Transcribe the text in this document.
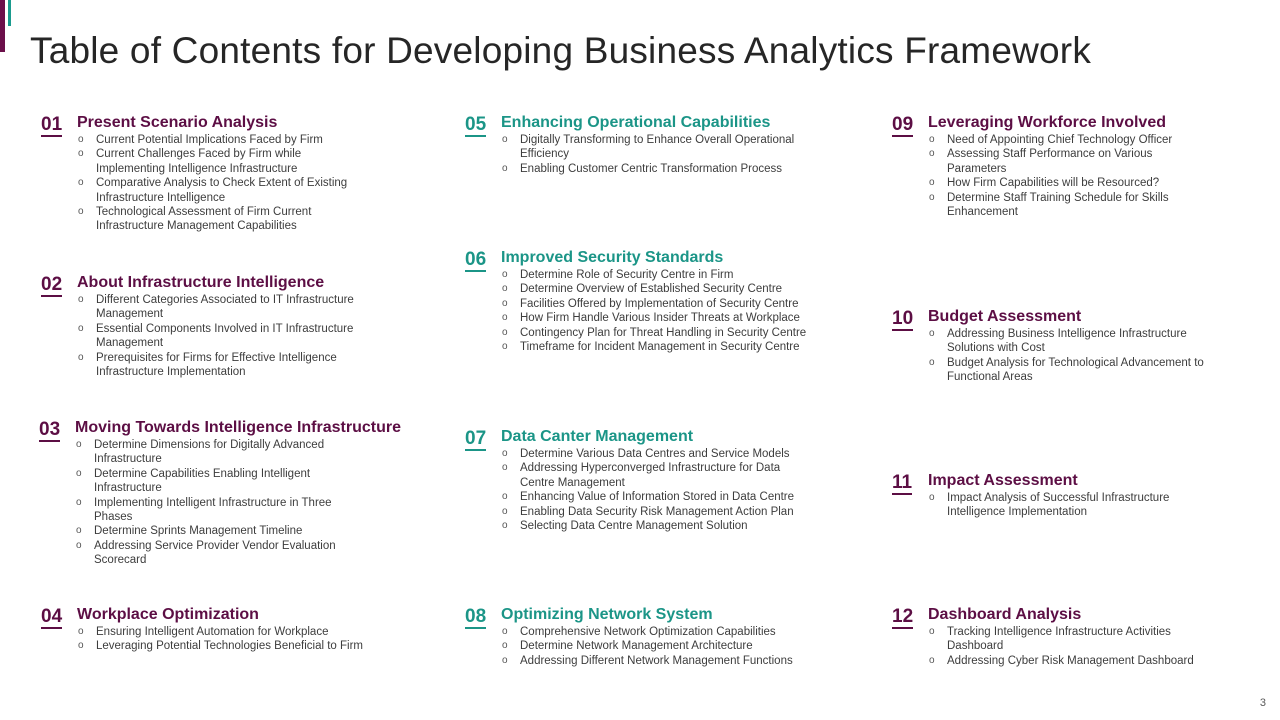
Table of Contents for Developing Business Analytics Framework
01 Present Scenario Analysis
o Current Potential Implications Faced by Firm
o Current Challenges Faced by Firm while Implementing Intelligence Infrastructure
o Comparative Analysis to Check Extent of Existing Infrastructure Intelligence
o Technological Assessment of Firm Current Infrastructure Management Capabilities
02 About Infrastructure Intelligence
o Different Categories Associated to IT Infrastructure Management
o Essential Components Involved in IT Infrastructure Management
o Prerequisites for Firms for Effective Intelligence Infrastructure Implementation
03 Moving Towards Intelligence Infrastructure
o Determine Dimensions for Digitally Advanced Infrastructure
o Determine Capabilities Enabling Intelligent Infrastructure
o Implementing Intelligent Infrastructure in Three Phases
o Determine Sprints Management Timeline
o Addressing Service Provider Vendor Evaluation Scorecard
04 Workplace Optimization
o Ensuring Intelligent Automation for Workplace
o Leveraging Potential Technologies Beneficial to Firm
05 Enhancing Operational Capabilities
o Digitally Transforming to Enhance Overall Operational Efficiency
o Enabling Customer Centric Transformation Process
06 Improved Security Standards
o Determine Role of Security Centre in Firm
o Determine Overview of Established Security Centre
o Facilities Offered by Implementation of Security Centre
o How Firm Handle Various Insider Threats at Workplace
o Contingency Plan for Threat Handling in Security Centre
o Timeframe for Incident Management in Security Centre
07 Data Canter Management
o Determine Various Data Centres and Service Models
o Addressing Hyperconverged Infrastructure for Data Centre Management
o Enhancing Value of Information Stored in Data Centre
o Enabling Data Security Risk Management Action Plan
o Selecting Data Centre Management Solution
08 Optimizing Network System
o Comprehensive Network Optimization Capabilities
o Determine Network Management Architecture
o Addressing Different Network Management Functions
09 Leveraging Workforce Involved
o Need of Appointing Chief Technology Officer
o Assessing Staff Performance on Various Parameters
o How Firm Capabilities will be Resourced?
o Determine Staff Training Schedule for Skills Enhancement
10 Budget Assessment
o Addressing Business Intelligence Infrastructure Solutions with Cost
o Budget Analysis for Technological Advancement to Functional Areas
11 Impact Assessment
o Impact Analysis of Successful Infrastructure Intelligence Implementation
12 Dashboard Analysis
o Tracking Intelligence Infrastructure Activities Dashboard
o Addressing Cyber Risk Management Dashboard
3
